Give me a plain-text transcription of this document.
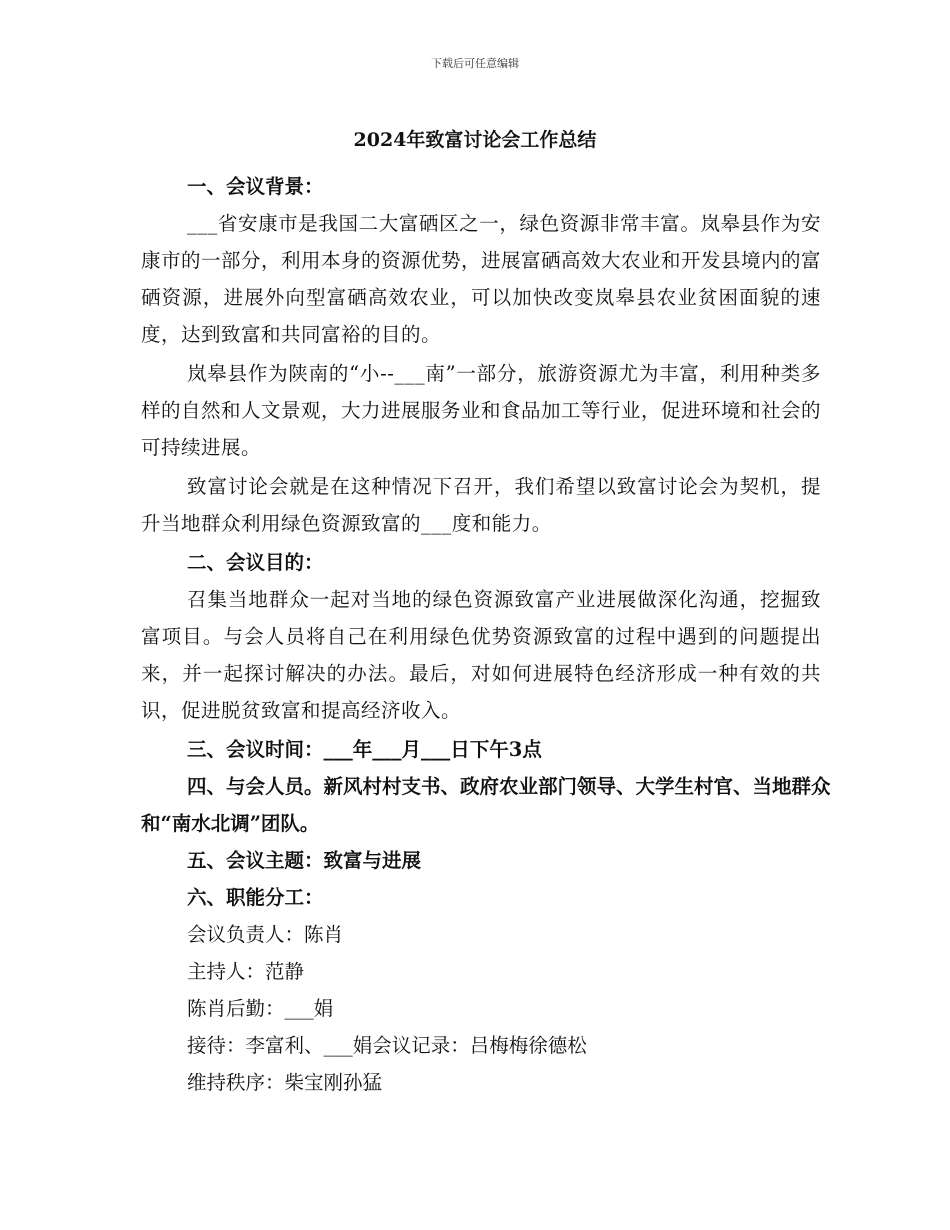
下载后可任意编辑
2024年致富讨论会工作总结

一、会议背景：

___省安康市是我国二大富硒区之一，绿色资源非常丰富。岚皋县作为安康市的一部分，利用本身的资源优势，进展富硒高效大农业和开发县境内的富硒资源，进展外向型富硒高效农业，可以加快改变岚皋县农业贫困面貌的速度，达到致富和共同富裕的目的。

岚皋县作为陕南的“小--___南”一部分，旅游资源尤为丰富，利用种类多样的自然和人文景观，大力进展服务业和食品加工等行业，促进环境和社会的可持续进展。

致富讨论会就是在这种情况下召开，我们希望以致富讨论会为契机，提升当地群众利用绿色资源致富的___度和能力。

二、会议目的：

召集当地群众一起对当地的绿色资源致富产业进展做深化沟通，挖掘致富项目。与会人员将自己在利用绿色优势资源致富的过程中遇到的问题提出来，并一起探讨解决的办法。最后，对如何进展特色经济形成一种有效的共识，促进脱贫致富和提高经济收入。

三、会议时间：___年___月___日下午3点

四、与会人员。新风村村支书、政府农业部门领导、大学生村官、当地群众和“南水北调”团队。

五、会议主题：致富与进展

六、职能分工：

会议负责人：陈肖

主持人：范静

陈肖后勤：___娟

接待：李富利、___娟会议记录：吕梅梅徐德松

维持秩序：柴宝刚孙猛
